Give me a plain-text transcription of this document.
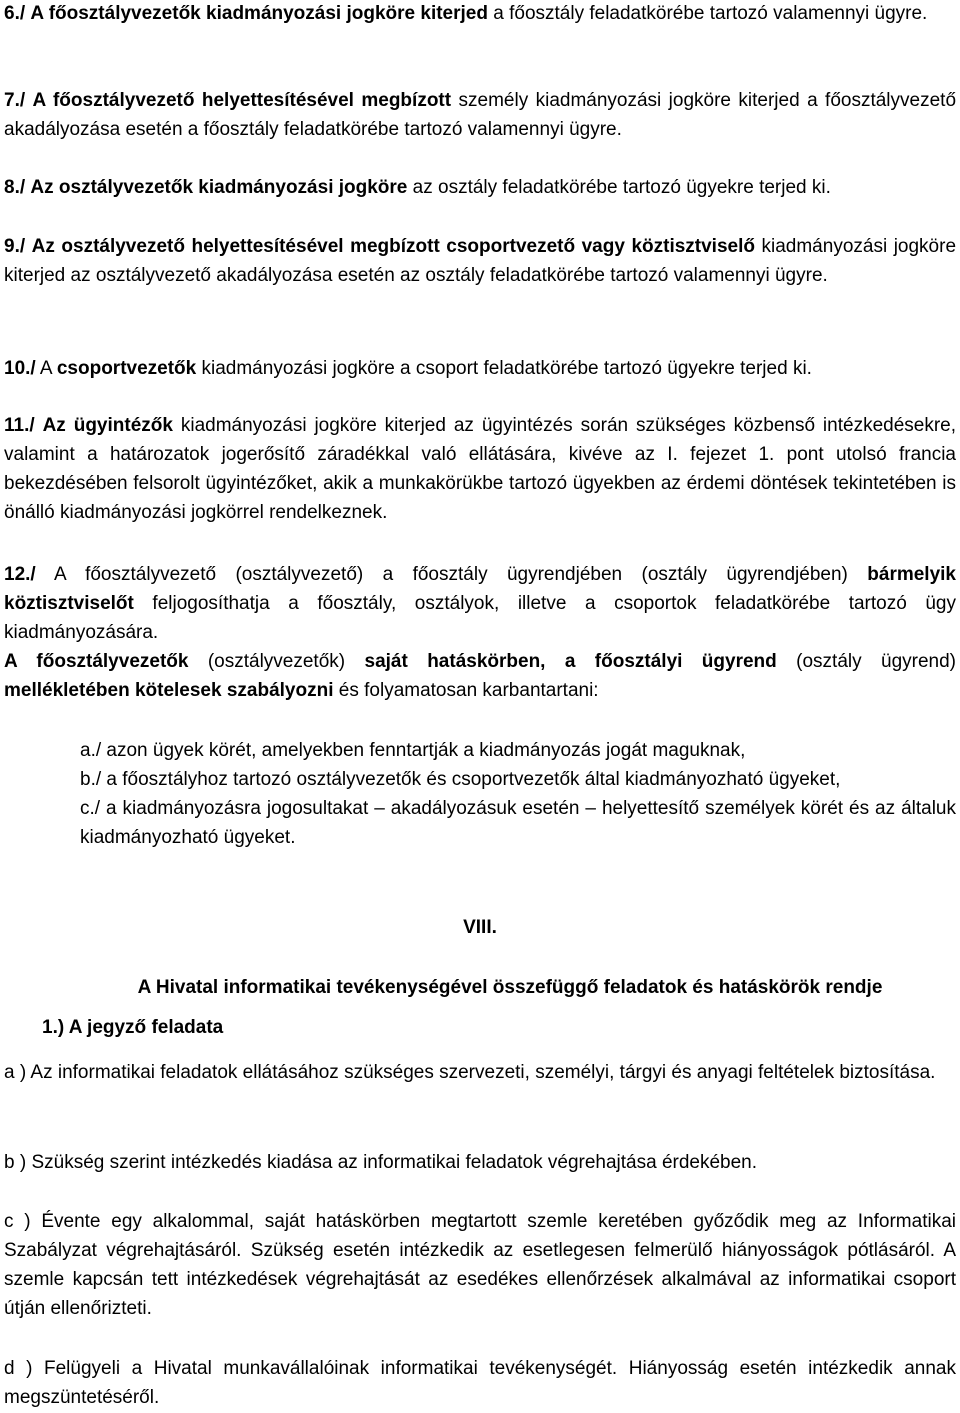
6./ A főosztályvezetők kiadmányozási jogköre kiterjed a főosztály feladatkörébe tartozó valamennyi ügyre.

7./ A főosztályvezető helyettesítésével megbízott személy kiadmányozási jogköre kiterjed a főosztályvezető akadályozása esetén a főosztály feladatkörébe tartozó valamennyi ügyre.

8./ Az osztályvezetők kiadmányozási jogköre az osztály feladatkörébe tartozó ügyekre terjed ki.

9./ Az osztályvezető helyettesítésével megbízott csoportvezető vagy köztisztviselő kiadmányozási jogköre kiterjed az osztályvezető akadályozása esetén az osztály feladatkörébe tartozó valamennyi ügyre.

10./ A csoportvezetők kiadmányozási jogköre a csoport feladatkörébe tartozó ügyekre terjed ki.

11./ Az ügyintézők kiadmányozási jogköre kiterjed az ügyintézés során szükséges közbenső intézkedésekre, valamint a határozatok jogerősítő záradékkal való ellátására, kivéve az I. fejezet 1. pont utolsó francia bekezdésében felsorolt ügyintézőket, akik a munkakörükbe tartozó ügyekben az érdemi döntések tekintetében is önálló kiadmányozási jogkörrel rendelkeznek.

12./ A főosztályvezető (osztályvezető) a főosztály ügyrendjében (osztály ügyrendjében) bármelyik köztisztviselőt feljogosíthatja a főosztály, osztályok, illetve a csoportok feladatkörébe tartozó ügy kiadmányozására.

A főosztályvezetők (osztályvezetők) saját hatáskörben, a főosztályi ügyrend (osztály ügyrend) mellékletében kötelesek szabályozni és folyamatosan karbantartani:

a./ azon ügyek körét, amelyekben fenntartják a kiadmányozás jogát maguknak,
b./ a főosztályhoz tartozó osztályvezetők és csoportvezetők által kiadmányozható ügyeket,
c./ a kiadmányozásra jogosultakat – akadályozásuk esetén – helyettesítő személyek körét és az általuk kiadmányozható ügyeket.
VIII.
A Hivatal informatikai tevékenységével összefüggő feladatok és hatáskörök rendje
1.) A jegyző feladata

a ) Az informatikai feladatok ellátásához szükséges szervezeti, személyi, tárgyi és anyagi feltételek biztosítása.

b ) Szükség szerint intézkedés kiadása az informatikai feladatok végrehajtása érdekében.

c ) Évente egy alkalommal, saját hatáskörben megtartott szemle keretében győződik meg az Informatikai Szabályzat végrehajtásáról. Szükség esetén intézkedik az esetlegesen felmerülő hiányosságok pótlásáról. A szemle kapcsán tett intézkedések végrehajtását az esedékes ellenőrzések alkalmával az informatikai csoport útján ellenőrizteti.

d ) Felügyeli a Hivatal munkavállalóinak informatikai tevékenységét. Hiányosság esetén intézkedik annak megszüntetéséről.
